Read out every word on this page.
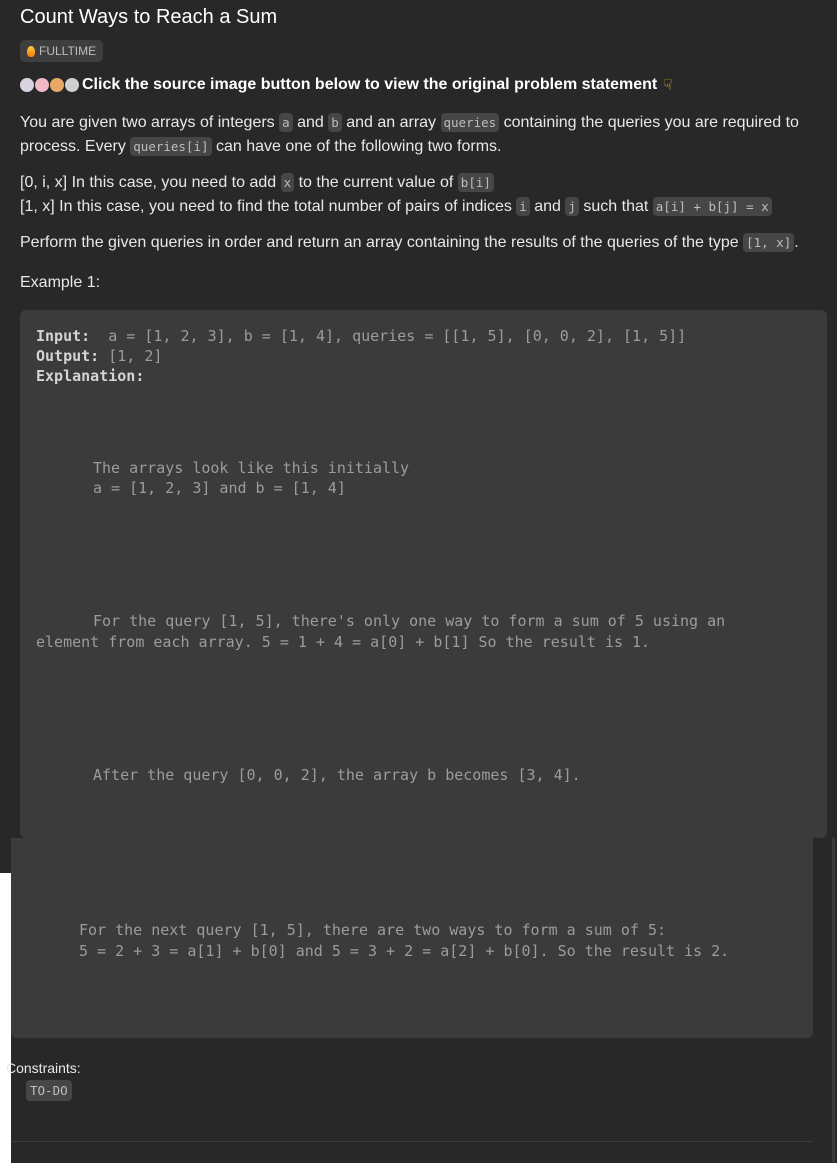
Count Ways to Reach a Sum
FULLTIME
Click the source image button below to view the original problem statement ☟

You are given two arrays of integers a and b and an array queries containing the queries you are required to process. Every queries[i] can have one of the following two forms.

[0, i, x] In this case, you need to add x to the current value of b[i]

[1, x] In this case, you need to find the total number of pairs of indices i and j such that a[i] + b[j] = x

Perform the given queries in order and return an array containing the results of the queries of the type [1, x] .

Example 1:

Input:  a = [1, 2, 3], b = [1, 4], queries = [[1, 5], [0, 0, 2], [1, 5]]
Output: [1, 2]
Explanation:
The arrays look like this initially
a = [1, 2, 3] and b = [1, 4]
For the query [1, 5], there's only one way to form a sum of 5 using an
element from each array. 5 = 1 + 4 = a[0] + b[1] So the result is 1.
After the query [0, 0, 2], the array b becomes [3, 4].
For the next query [1, 5], there are two ways to form a sum of 5:
5 = 2 + 3 = a[1] + b[0] and 5 = 3 + 2 = a[2] + b[0]. So the result is 2.
Constraints:
TO-DO
